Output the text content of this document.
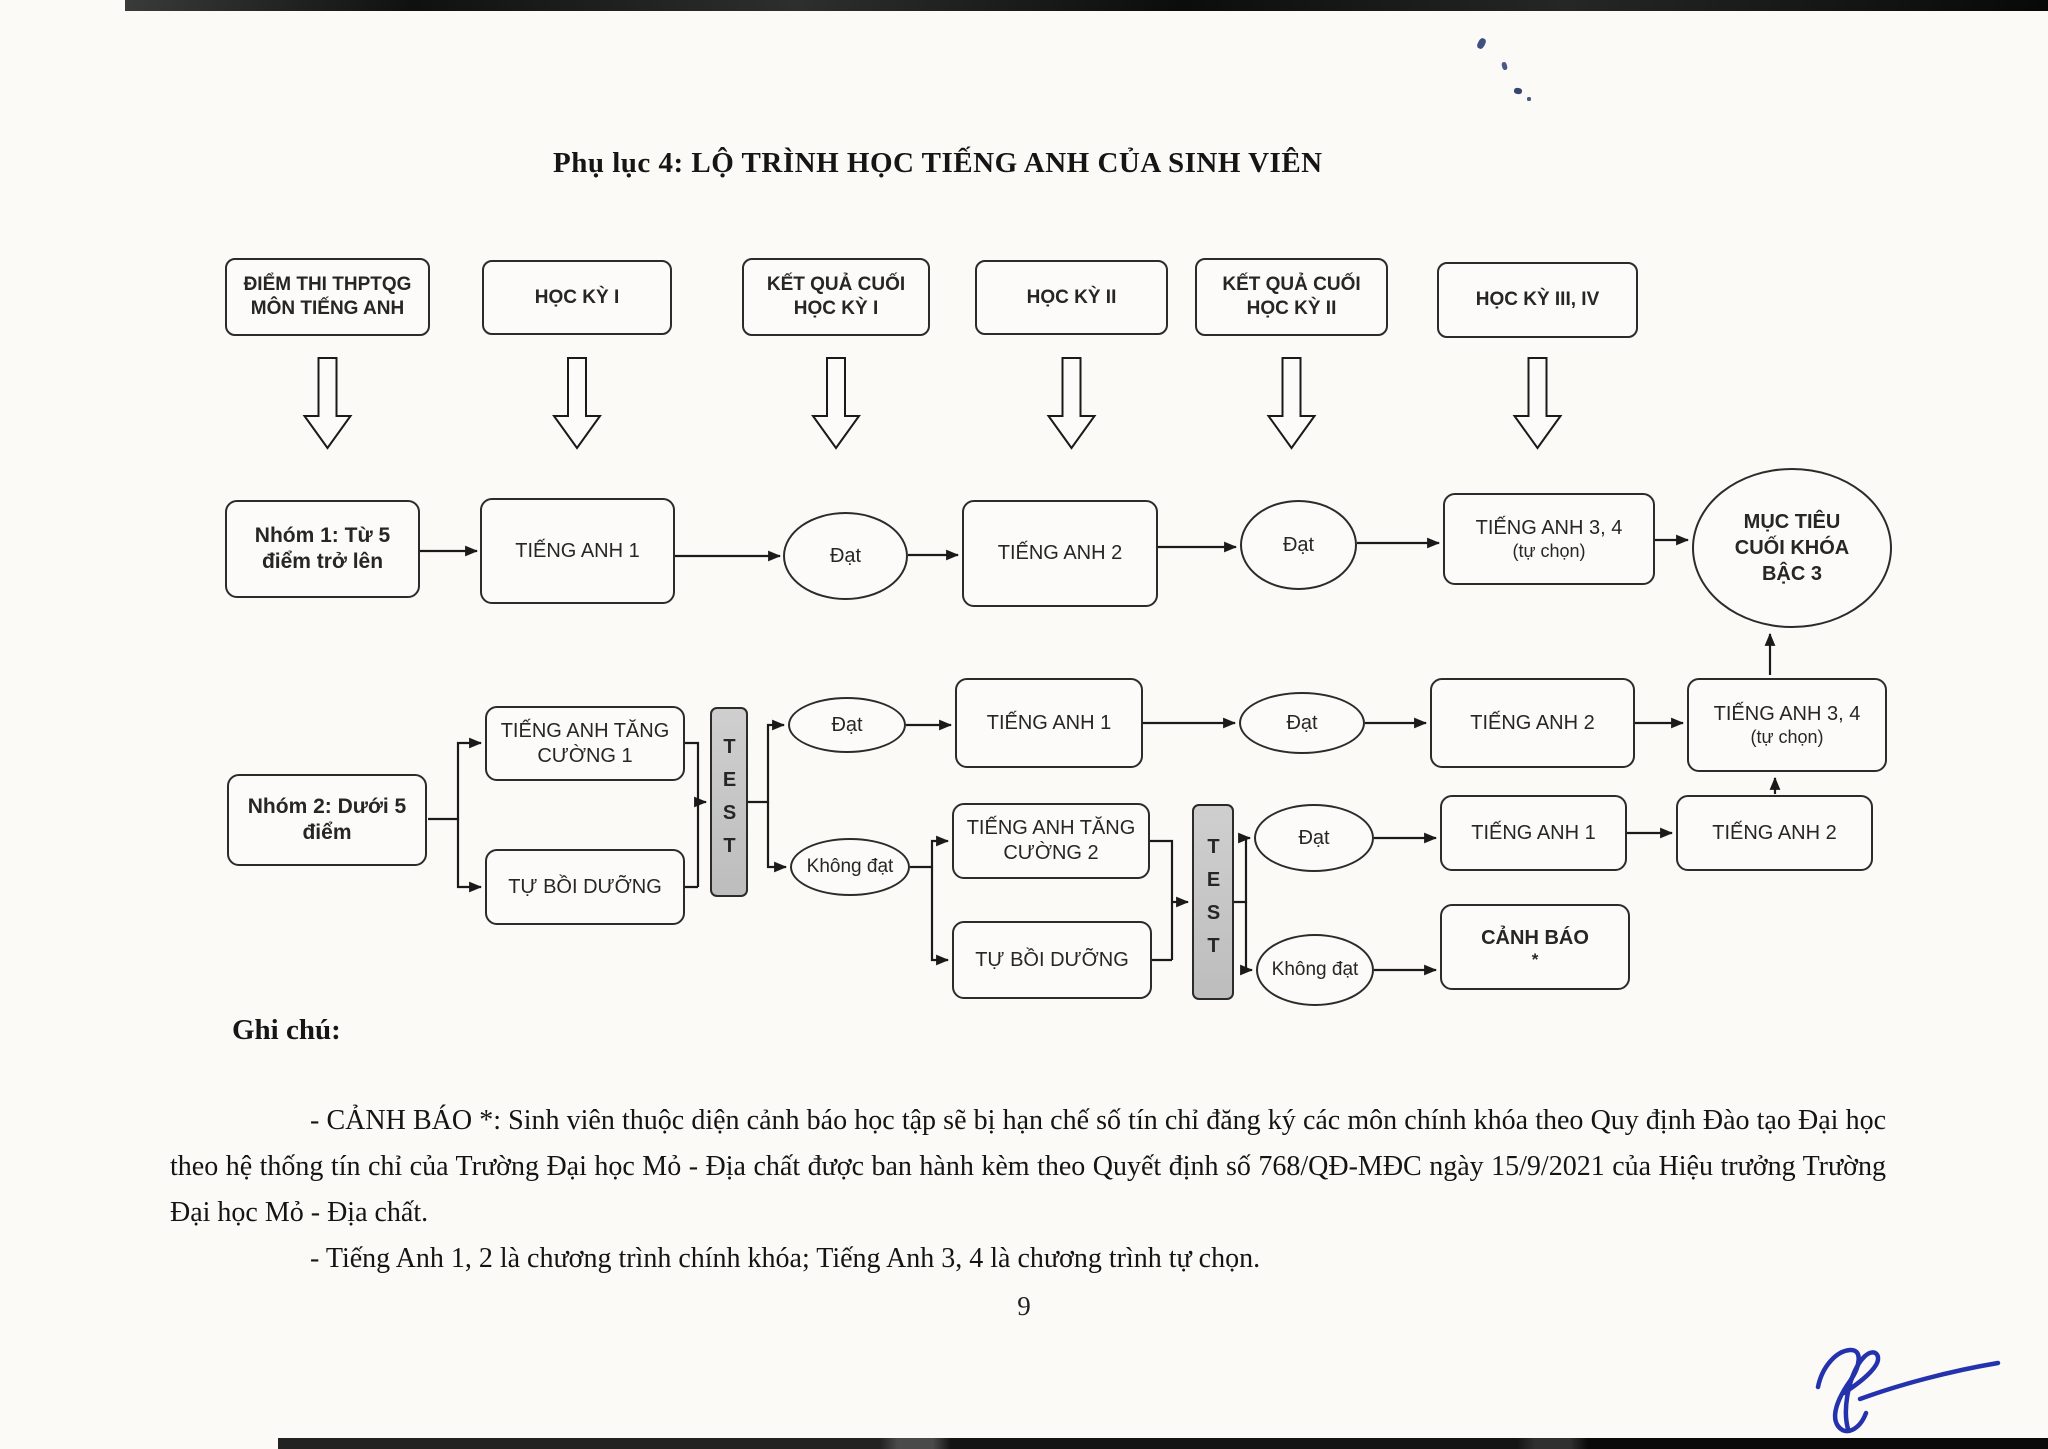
Phụ lục 4: LỘ TRÌNH HỌC TIẾNG ANH CỦA SINH VIÊN
ĐIỂM THI THPTQG MÔN TIẾNG ANH
HỌC KỲ I
KẾT QUẢ CUỐI HỌC KỲ I
HỌC KỲ II
KẾT QUẢ CUỐI HỌC KỲ II	HỌC KỲ III, IV
Nhóm 1: Từ 5 điểm trở lên	TIẾNG ANH 1	Đạt	TIẾNG ANH 2	Đạt
TIẾNG ANH 3, 4
(tự chọn)
MỤC TIÊU CUỐI KHÓA BẬC 3
Nhóm 2: Dưới 5 điểm
TIẾNG ANH TĂNG CƯỜNG 1
TỰ BỒI DƯỠNG
TEST
Đạt
Không đạt
TIẾNG ANH 1	Đạt	TIẾNG ANH 2	TIẾNG ANH 3, 4
(tự chọn)
TIẾNG ANH TĂNG CƯỜNG 2
TỰ BỒI DƯỠNG	TEST	Đạt
Không đạt
TIẾNG ANH 1	TIẾNG ANH 2
CẢNH BÁO
*
Ghi chú:

- CẢNH BÁO *: Sinh viên thuộc diện cảnh báo học tập sẽ bị hạn chế số tín chỉ đăng ký các môn chính khóa theo Quy định Đào tạo Đại học theo hệ thống tín chỉ của Trường Đại học Mỏ - Địa chất được ban hành kèm theo Quyết định số 768/QĐ-MĐC ngày 15/9/2021 của Hiệu trưởng Trường Đại học Mỏ - Địa chất.

- Tiếng Anh 1, 2 là chương trình chính khóa; Tiếng Anh 3, 4 là chương trình tự chọn.

9
